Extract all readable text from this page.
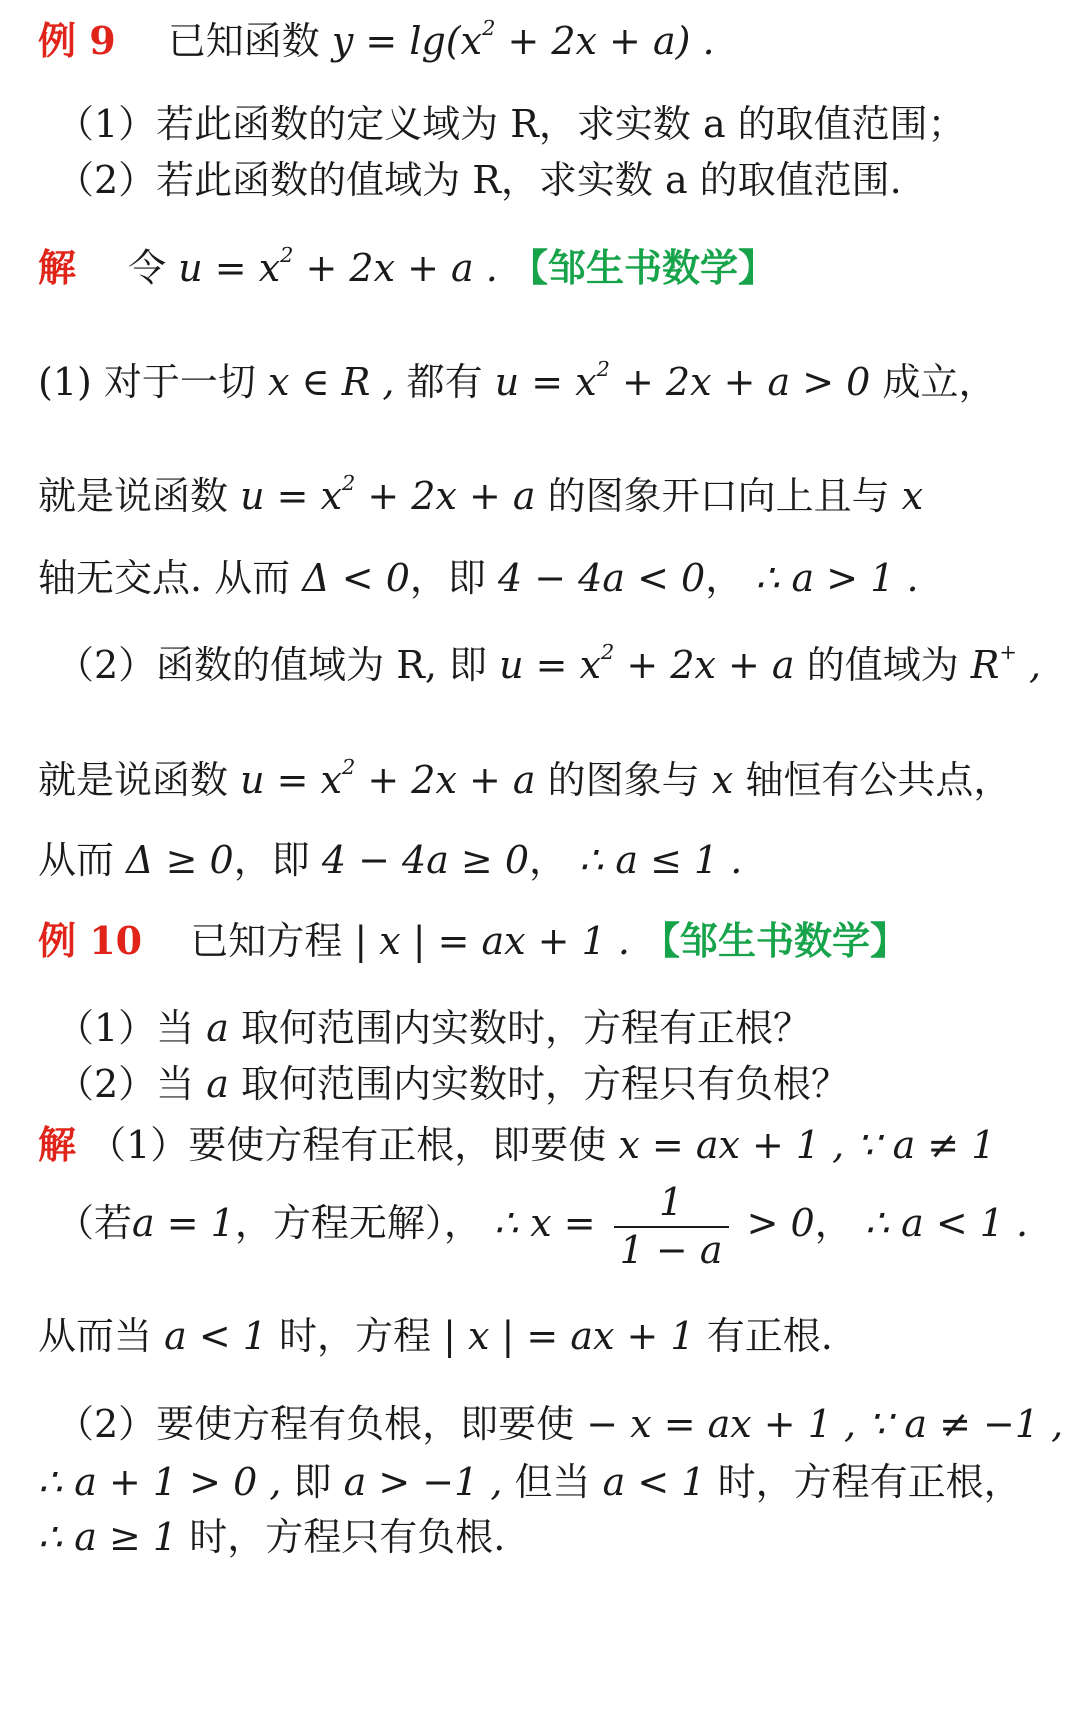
例 9 已知函数 $y = \lg(x^2 + 2x + a)$ .
（1）若此函数的定义域为 R，求实数 a 的取值范围；
（2）若此函数的值域为 R，求实数 a 的取值范围.
解 令 $u = x^2 + 2x + a$ . 【邹生书数学】
(1) 对于一切 x ∈ R , 都有 $u = x^2 + 2x + a > 0$ 成立，
就是说函数 $u = x^2 + 2x + a$ 的图象开口向上且与 x
轴无交点. 从而 Δ < 0，即 4 − 4a < 0， ∴ a > 1 .
（2）函数的值域为 R, 即 $u = x^2 + 2x + a$ 的值域为 R+ ,
就是说函数 $u = x^2 + 2x + a$ 的图象与 x 轴恒有公共点，
从而 Δ ≥ 0，即 4 − 4a ≥ 0， ∴ a ≤ 1 .
例 10 已知方程 | x | = ax + 1 . 【邹生书数学】
（1）当 a 取何范围内实数时，方程有正根？
（2）当 a 取何范围内实数时，方程只有负根？
解 （1）要使方程有正根，即要使 x = ax + 1 , ∵ a ≠ 1
（若a = 1，方程无解）， ∴ $x = \frac{1}{1 - a} > 0$， ∴ a < 1 .
从而当 a < 1 时，方程 | x | = ax + 1 有正根.
（2）要使方程有负根，即要使 − x = ax + 1 , ∵ a ≠ −1 ,
∴ a + 1 > 0 , 即 a > −1 , 但当 a < 1 时，方程有正根，
∴ a ≥ 1 时，方程只有负根.
